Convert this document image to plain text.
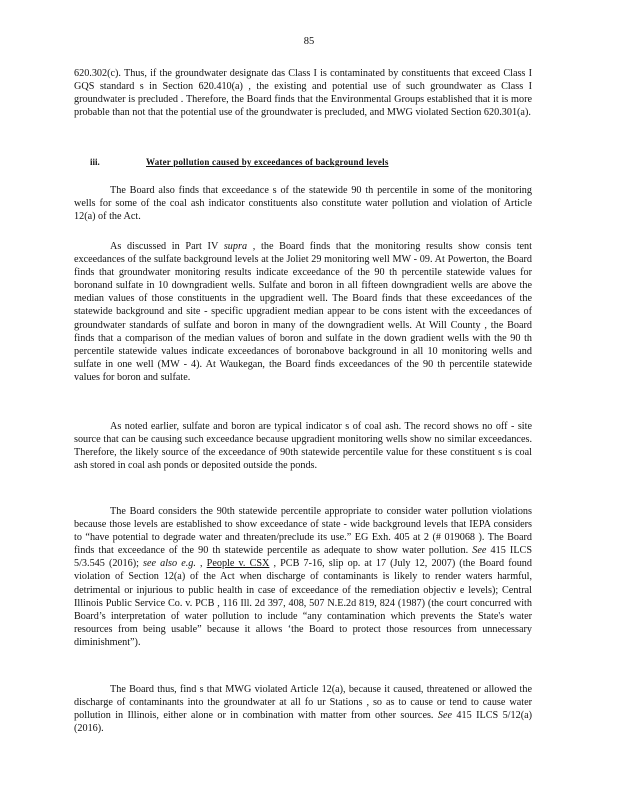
85
620.302(c). Thus, if the groundwater designate das Class I is contaminated by constituents that exceed Class I GQS standard s in Section 620.410(a) , the existing and potential use of such groundwater as Class I groundwater is precluded . Therefore, the Board finds that the Environmental Groups established that it is more probable than not that the potential use of the groundwater is precluded, and MWG violated Section 620.301(a).
iii.	Water pollution caused by exceedances of background levels
The Board also finds that exceedance s of the statewide 90 th percentile in some of the monitoring wells for some of the coal ash indicator constituents also constitute water pollution and violation of Article 12(a) of the Act.
As discussed in Part IV supra , the Board finds that the monitoring results show consis tent exceedances of the sulfate background levels at the Joliet 29 monitoring well MW - 09. At Powerton, the Board finds that groundwater monitoring results indicate exceedance of the 90 th percentile statewide values for boronand sulfate in 10 downgradient wells. Sulfate and boron in all fifteen downgradient wells are above the median values of those constituents in the upgradient well. The Board finds that these exceedances of the statewide background and site - specific upgradient median appear to be cons istent with the exceedances of groundwater standards of sulfate and boron in many of the downgradient wells. At Will County , the Board finds that a comparison of the median values of boron and sulfate in the down gradient wells with the 90 th percentile statewide values indicate exceedances of boronabove background in all 10 monitoring wells and sulfate in one well (MW - 4). At Waukegan, the Board finds exceedances of the 90 th percentile statewide values for boron and sulfate.
As noted earlier, sulfate and boron are typical indicator s of coal ash. The record shows no off - site source that can be causing such exceedance because upgradient monitoring wells show no similar exceedances. Therefore, the likely source of the exceedance of 90th statewide percentile value for these constituent s is coal ash stored in coal ash ponds or deposited outside the ponds.
The Board considers the 90th statewide percentile appropriate to consider water pollution violations because those levels are established to show exceedance of state - wide background levels that IEPA considers to “have potential to degrade water and threaten/preclude its use.” EG Exh. 405 at 2 (# 019068 ). The Board finds that exceedance of the 90 th statewide percentile as adequate to show water pollution. See 415 ILCS 5/3.545 (2016); see also e.g. , People v. CSX , PCB 7-16, slip op. at 17 (July 12, 2007) (the Board found violation of Section 12(a) of the Act when discharge of contaminants is likely to render waters harmful, detrimental or injurious to public health in case of exceedance of the remediation objectiv e levels); Central Illinois Public Service Co. v. PCB , 116 Ill. 2d 397, 408, 507 N.E.2d 819, 824 (1987) (the court concurred with Board’s interpretation of water pollution to include “any contamination which prevents the State's water resources from being usable” because it allows ‘the Board to protect those resources from unnecessary diminishment”).
The Board thus, find s that MWG violated Article 12(a), because it caused, threatened or allowed the discharge of contaminants into the groundwater at all fo ur Stations , so as to cause or tend to cause water pollution in Illinois, either alone or in combination with matter from other sources. See 415 ILCS 5/12(a) (2016).
